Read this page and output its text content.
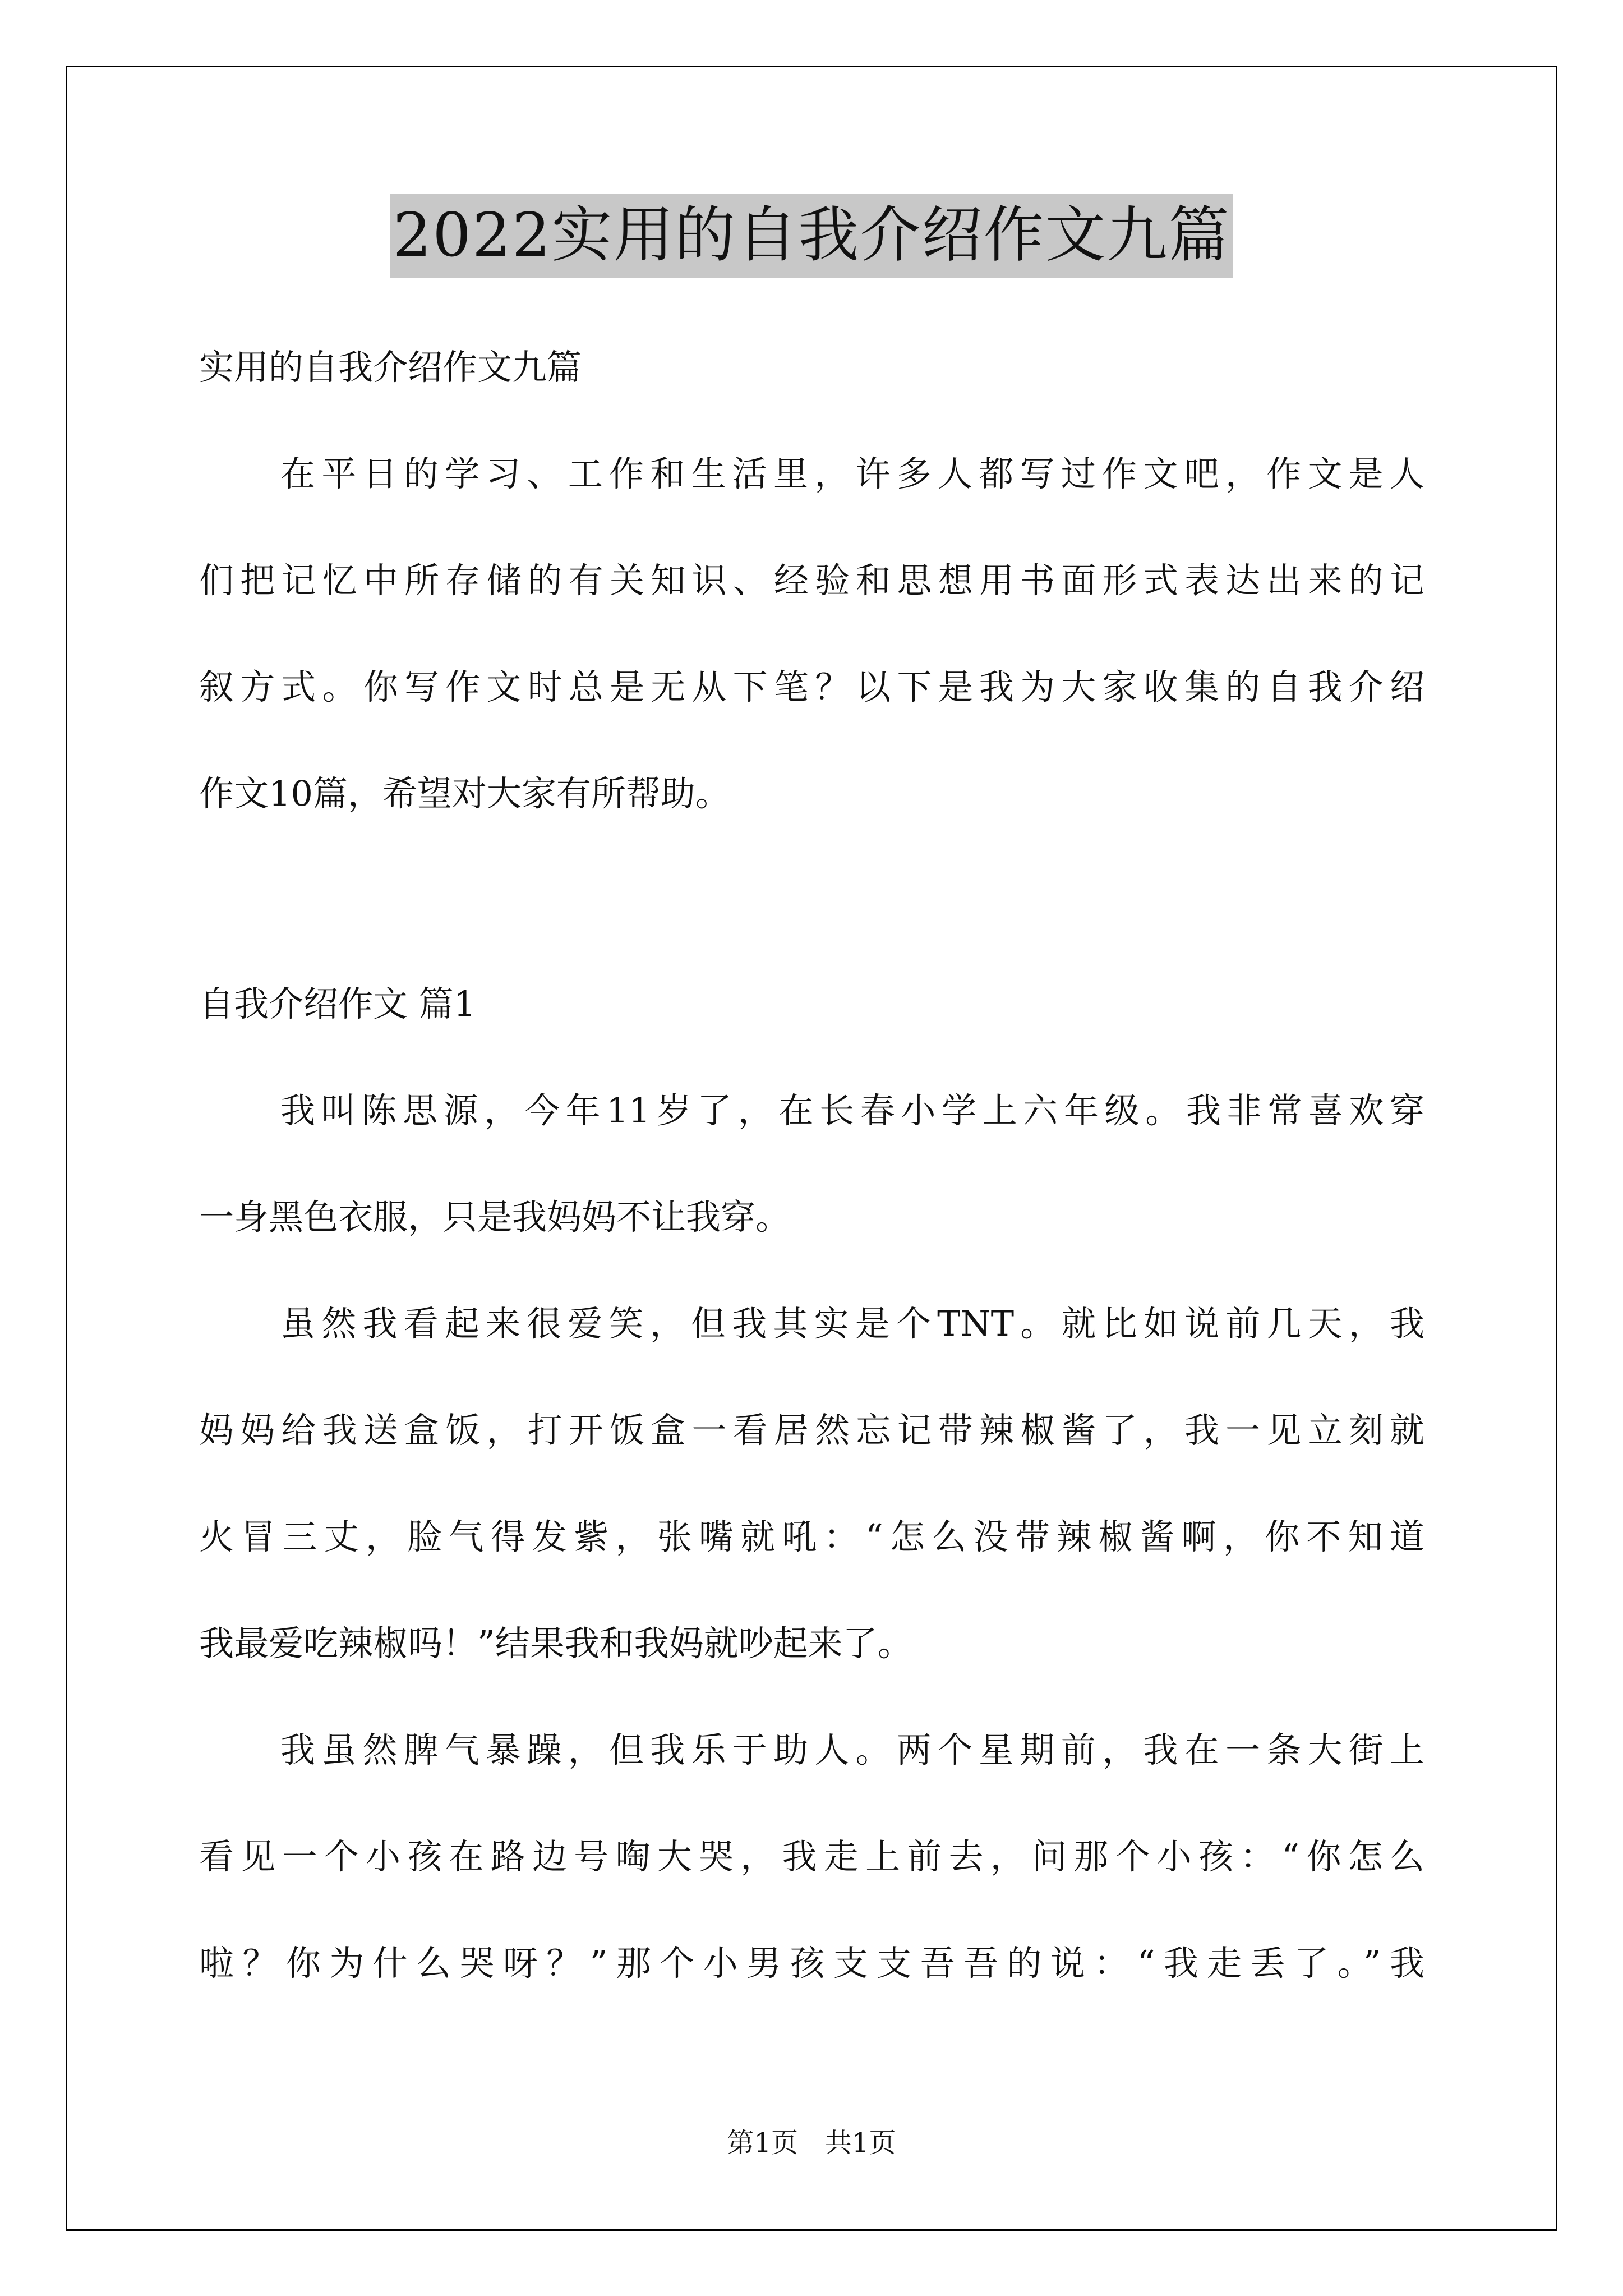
2022实用的自我介绍作文九篇
实用的自我介绍作文九篇
在平日的学习、工作和生活里，许多人都写过作文吧，作文是人
们把记忆中所存储的有关知识、经验和思想用书面形式表达出来的记
叙方式。你写作文时总是无从下笔？以下是我为大家收集的自我介绍
作文10篇，希望对大家有所帮助。
自我介绍作文 篇1
我叫陈思源，今年11岁了，在长春小学上六年级。我非常喜欢穿
一身黑色衣服，只是我妈妈不让我穿。
虽然我看起来很爱笑，但我其实是个TNT。就比如说前几天，我
妈妈给我送盒饭，打开饭盒一看居然忘记带辣椒酱了，我一见立刻就
火冒三丈，脸气得发紫，张嘴就吼：“怎么没带辣椒酱啊，你不知道
我最爱吃辣椒吗！”结果我和我妈就吵起来了。
我虽然脾气暴躁，但我乐于助人。两个星期前，我在一条大街上
看见一个小孩在路边号啕大哭，我走上前去，问那个小孩：“你怎么
啦？你为什么哭呀？”那个小男孩支支吾吾的说：“我走丢了。”我
第1页　共1页
